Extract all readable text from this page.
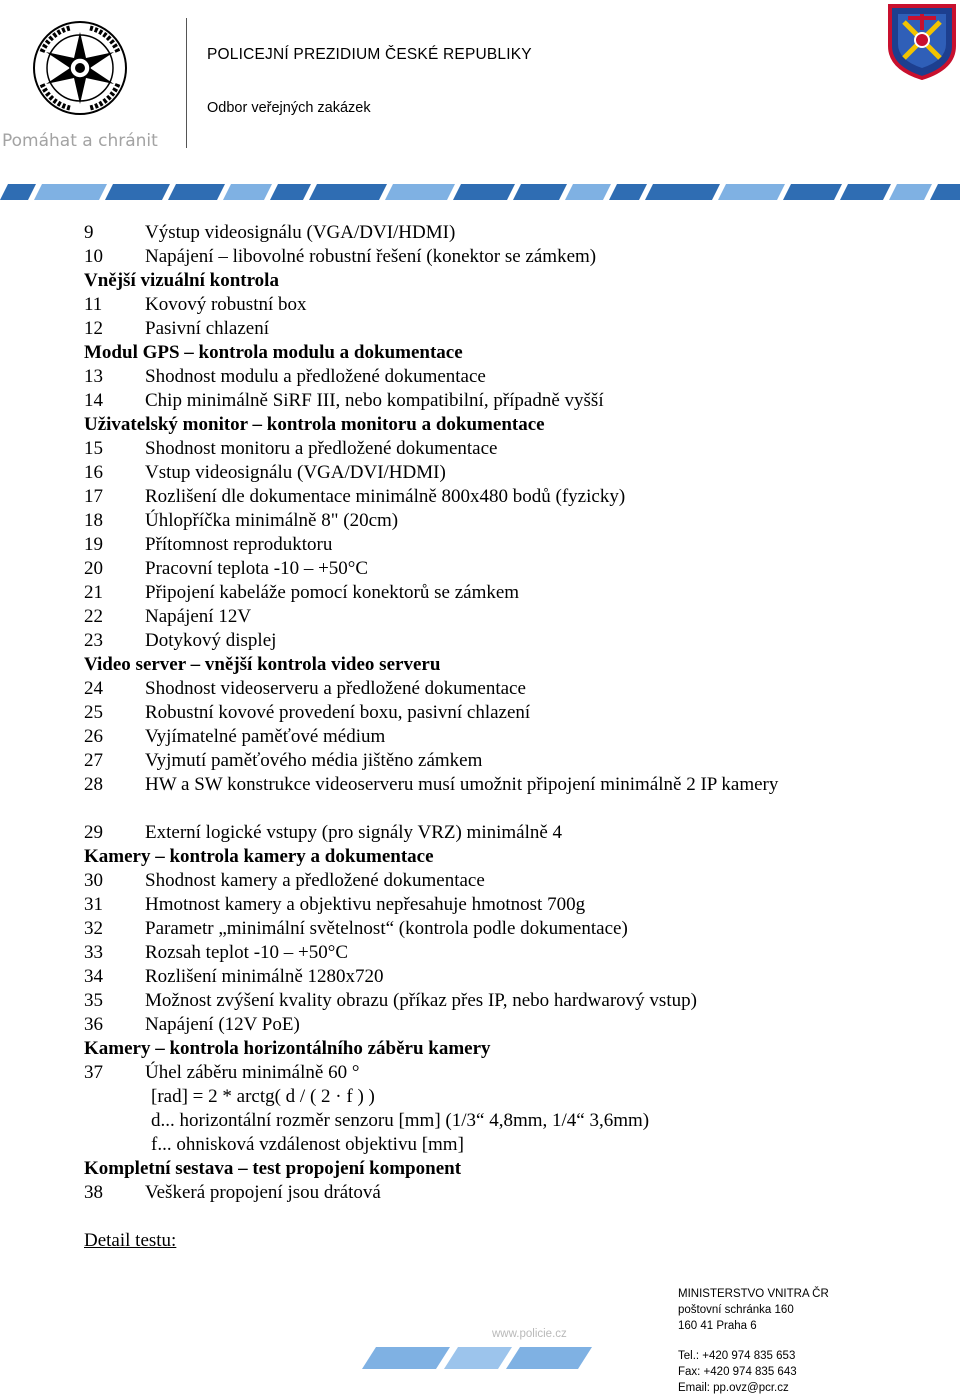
Pomáhat a chránit
POLICEJNÍ PREZIDIUM ČESKÉ REPUBLIKY
Odbor veřejných zakázek
9	Výstup videosignálu (VGA/DVI/HDMI)
10 Napájení – libovolné robustní řešení (konektor se zámkem)
Vnější vizuální kontrola
11 Kovový robustní box
12 Pasivní chlazení
Modul GPS – kontrola modulu a dokumentace
13 Shodnost modulu a předložené dokumentace
14 Chip minimálně SiRF III, nebo kompatibilní, případně vyšší
Uživatelský monitor – kontrola monitoru a dokumentace
15 Shodnost monitoru a předložené dokumentace
16 Vstup videosignálu (VGA/DVI/HDMI)
17 Rozlišení dle dokumentace minimálně 800x480 bodů (fyzicky)
18 Úhlopříčka minimálně 8" (20cm)
19 Přítomnost reproduktoru
20 Pracovní teplota -10 – +50°C
21 Připojení kabeláže pomocí konektorů se zámkem
22 Napájení 12V
23 Dotykový displej
Video server – vnější kontrola video serveru
24 Shodnost videoserveru a předložené dokumentace
25 Robustní kovové provedení boxu, pasivní chlazení
26 Vyjímatelné paměťové médium
27 Vyjmutí paměťového média jištěno zámkem
28 HW a SW konstrukce videoserveru musí umožnit připojení minimálně 2 IP kamery
29 Externí logické vstupy (pro signály VRZ) minimálně 4
Kamery – kontrola kamery a dokumentace
30 Shodnost kamery a předložené dokumentace
31 Hmotnost kamery a objektivu nepřesahuje hmotnost 700g
32 Parametr „minimální světelnost“ (kontrola podle dokumentace)
33 Rozsah teplot -10 – +50°C
34 Rozlišení minimálně 1280x720
35 Možnost zvýšení kvality obrazu (příkaz přes IP, nebo hardwarový vstup)
36 Napájení (12V PoE)
Kamery – kontrola horizontálního záběru kamery
37 Úhel záběru minimálně 60 °
[rad] = 2 * arctg( d / ( 2 · f ) )
d... horizontální rozměr senzoru [mm] (1/3“ 4,8mm, 1/4“ 3,6mm)
f... ohnisková vzdálenost objektivu [mm]
Kompletní sestava – test propojení komponent
38 Veškerá propojení jsou drátová
Detail testu:
www.policie.cz
MINISTERSTVO VNITRA ČR
poštovní schránka 160
160 41 Praha 6
Tel.: +420 974 835 653
Fax: +420 974 835 643
Email: pp.ovz@pcr.cz
